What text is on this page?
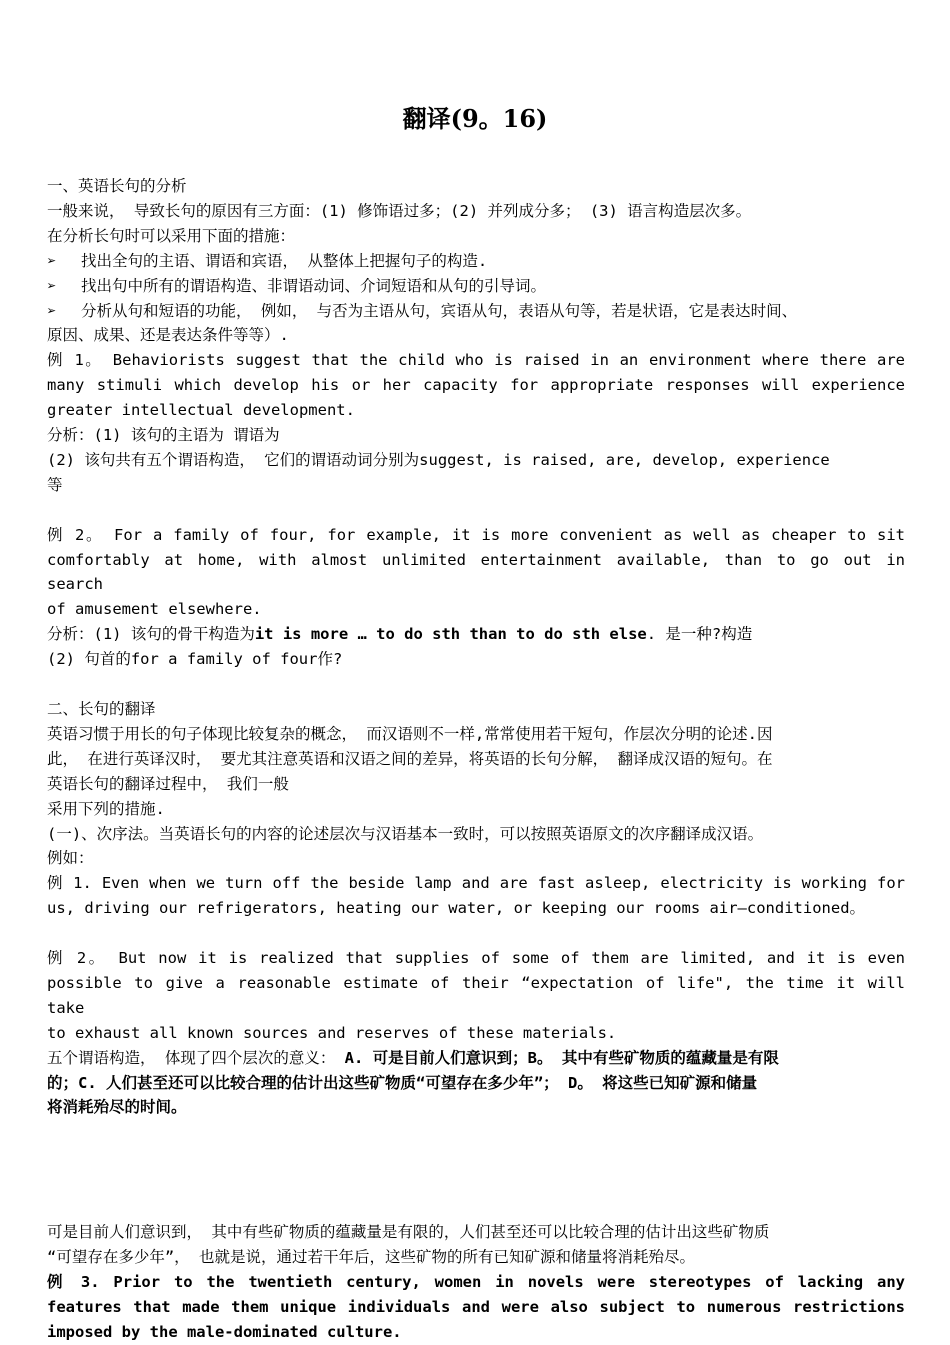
翻译(9。16)
一、英语长句的分析
一般来说， 导致长句的原因有三方面：(1) 修饰语过多；(2) 并列成分多； (3) 语言构造层次多。
在分析长句时可以采用下面的措施：
➢ 找出全句的主语、谓语和宾语， 从整体上把握句子的构造.
➢ 找出句中所有的谓语构造、非谓语动词、介词短语和从句的引导词。
➢ 分析从句和短语的功能， 例如， 与否为主语从句，宾语从句，表语从句等，若是状语，它是表达时间、
原因、成果、还是表达条件等等）.
例 1。 Behaviorists suggest that the child who is raised in an environment where there are
many stimuli which develop his or her capacity for appropriate responses will experience
greater intellectual development.
分析：(1) 该句的主语为 谓语为
(2) 该句共有五个谓语构造， 它们的谓语动词分别为suggest, is raised, are, develop, experience
等
例 2。 For a family of four, for example, it is more convenient as well as cheaper to sit
comfortably at home, with almost unlimited entertainment available, than to go out in search
of amusement elsewhere.
分析：(1) 该句的骨干构造为it is more … to do sth than to do sth else. 是一种?构造
(2) 句首的for a family of four作?
二、长句的翻译
英语习惯于用长的句子体现比较复杂的概念， 而汉语则不一样,常常使用若干短句，作层次分明的论述.因
此， 在进行英译汉时， 要尤其注意英语和汉语之间的差异，将英语的长句分解， 翻译成汉语的短句。在
英语长句的翻译过程中， 我们一般
采用下列的措施.
(一)、次序法。当英语长句的内容的论述层次与汉语基本一致时，可以按照英语原文的次序翻译成汉语。
例如：
例 1. Even when we turn off the beside lamp and are fast asleep, electricity is working for
us, driving our refrigerators, heating our water, or keeping our rooms air—conditioned。
例 2。 But now it is realized that supplies of some of them are limited, and it is even
possible to give a reasonable estimate of their “expectation of life", the time it will take
to exhaust all known sources and reserves of these materials.
五个谓语构造， 体现了四个层次的意义： A. 可是目前人们意识到；B。 其中有些矿物质的蕴藏量是有限
的；C. 人们甚至还可以比较合理的估计出这些矿物质“可望存在多少年”； D。 将这些已知矿源和储量
将消耗殆尽的时间。
可是目前人们意识到， 其中有些矿物质的蕴藏量是有限的，人们甚至还可以比较合理的估计出这些矿物质
“可望存在多少年”， 也就是说，通过若干年后，这些矿物的所有已知矿源和储量将消耗殆尽。
例 3. Prior to the twentieth century, women in novels were stereotypes of lacking any
features that made them unique individuals and were also subject to numerous restrictions
imposed by the male-dominated culture.
